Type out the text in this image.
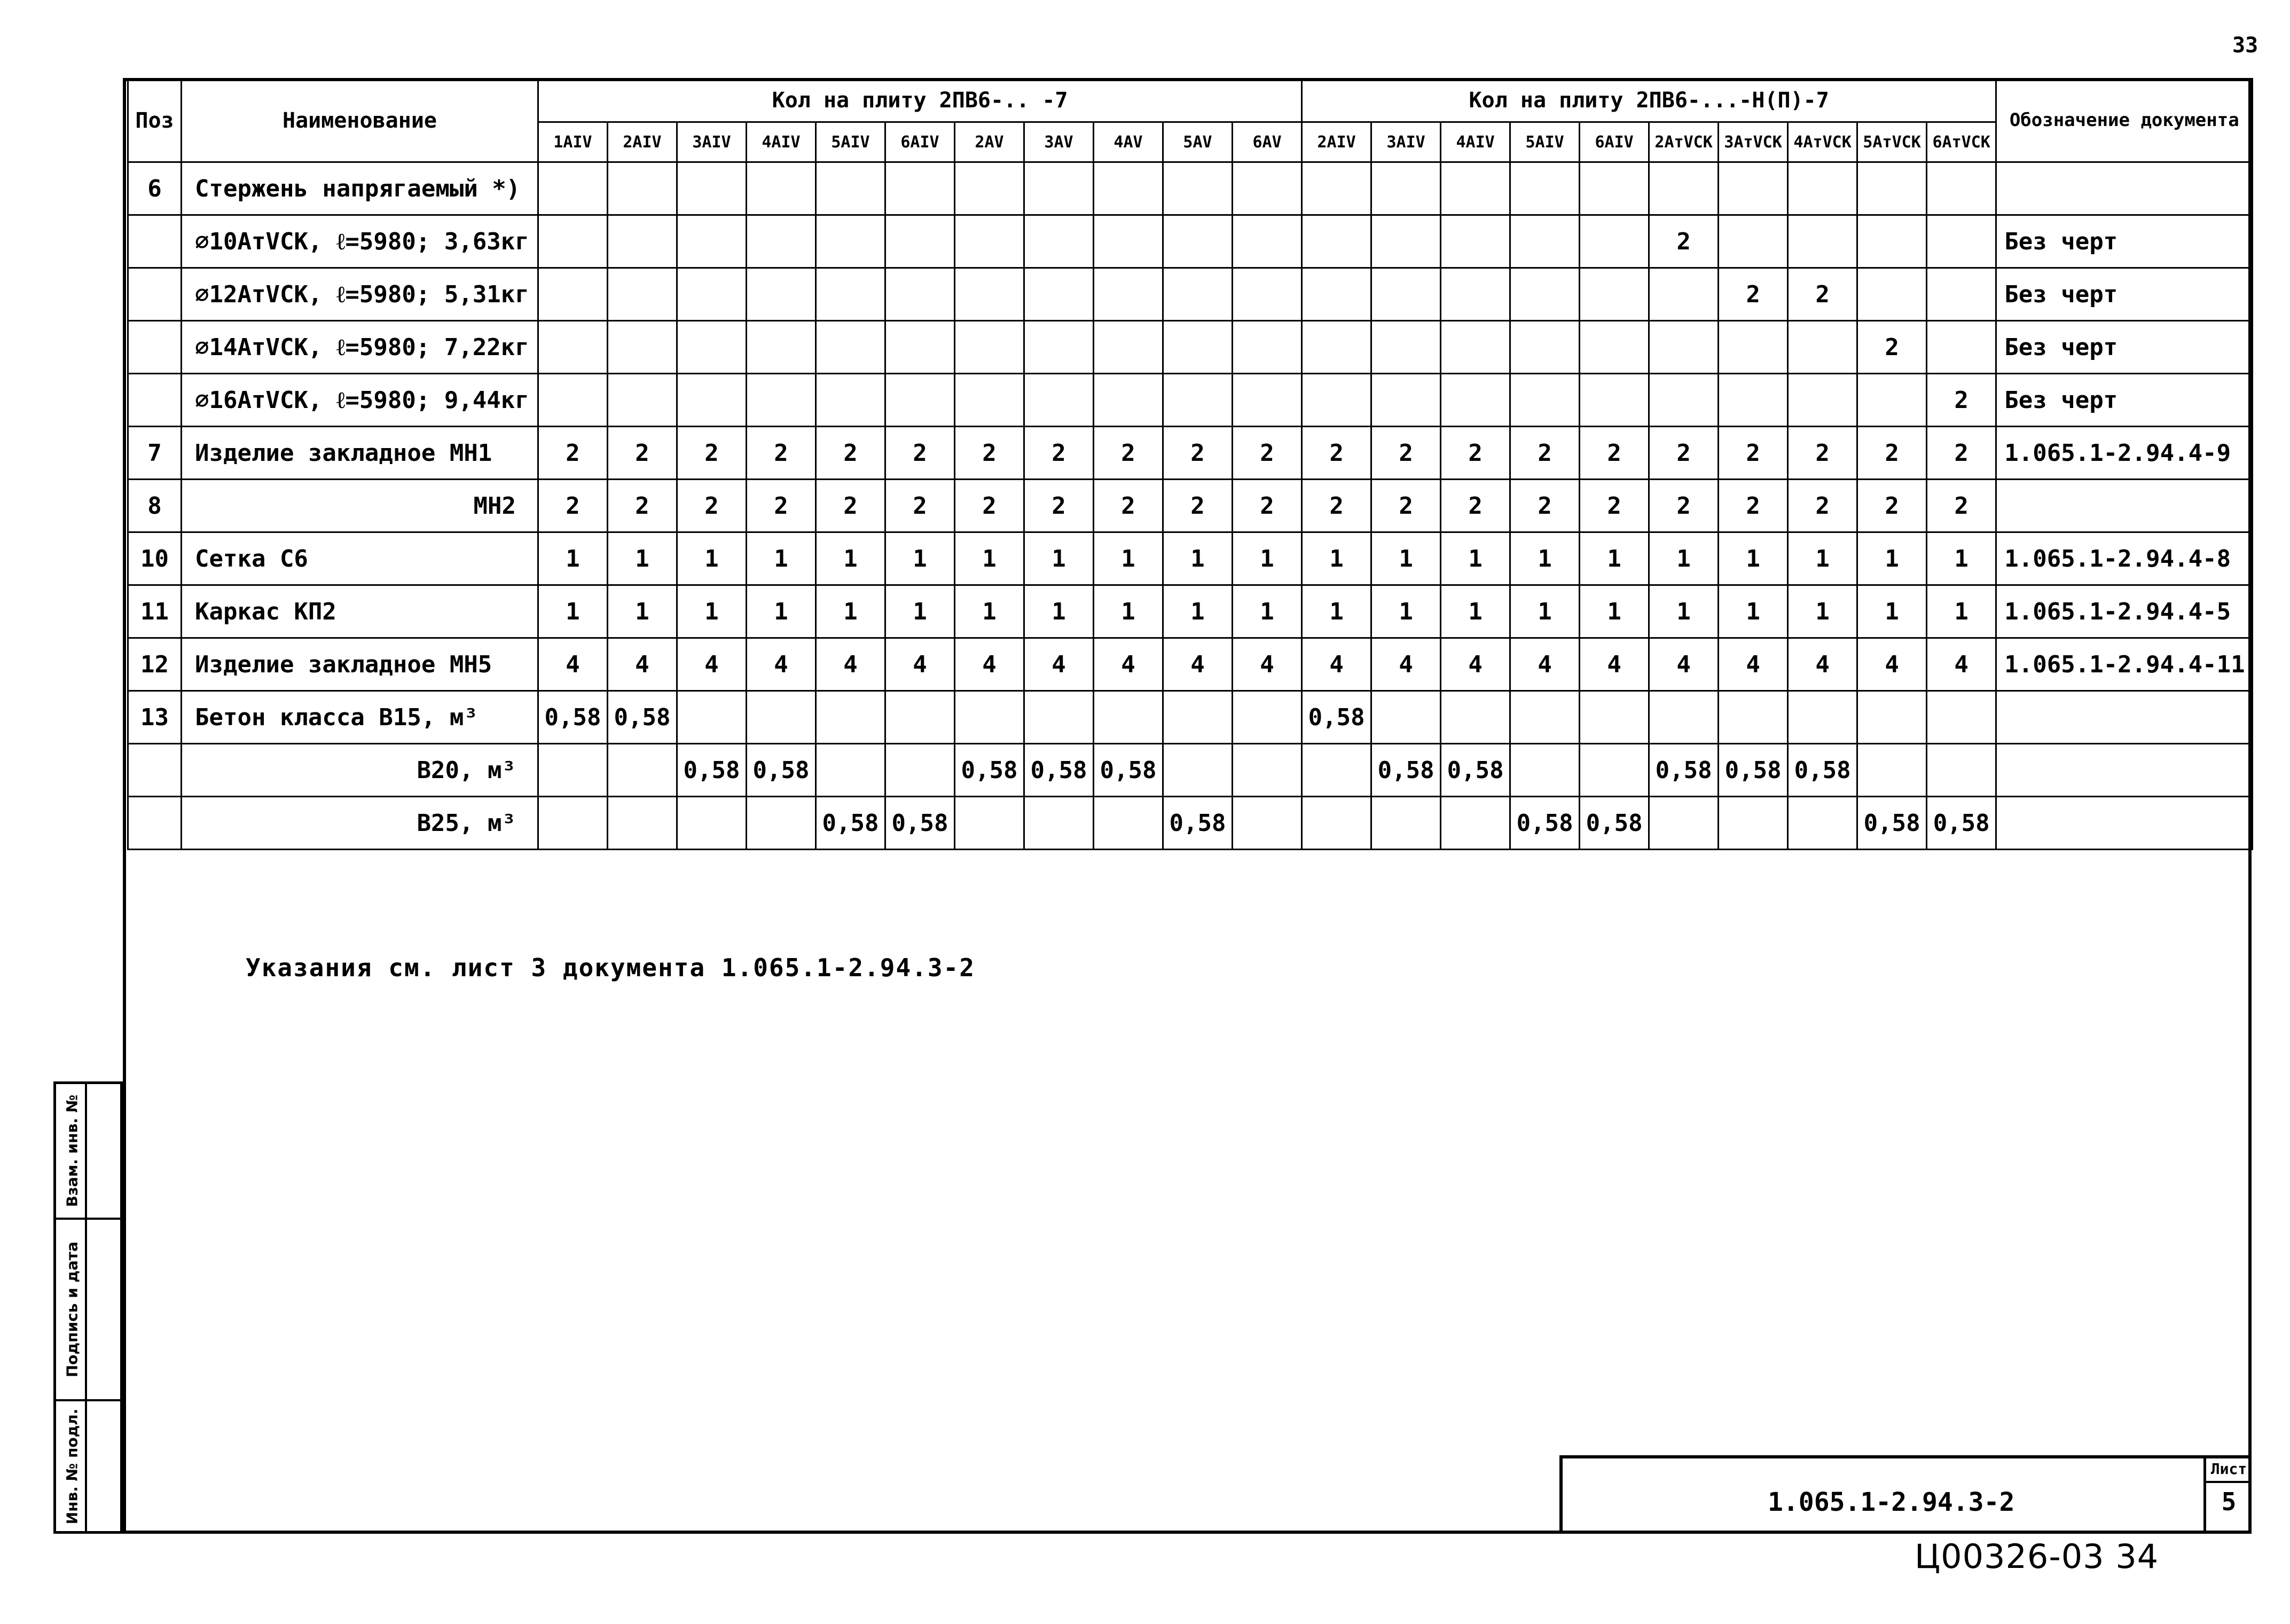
33
Поз	Наименование	Кол на плиту 2ПВ6-.. -7											Кол на плиту 2ПВ6-...-Н(П)-7										Обозначение документа
		1АIV	2АIV	3АIV	4АIV	5АIV	6АIV	2АV	3АV	4АV	5АV	6АV	2АIV	3АIV	4АIV	5АIV	6АIV	2АтVСК	3АтVСК	4АтVСК	5АтVСК	6АтVСК	
6	Стержень напрягаемый *)																						
	⌀10АтVСК, ℓ=5980; 3,63кг																	2					Без черт
	⌀12АтVСК, ℓ=5980; 5,31кг																		2	2			Без черт
	⌀14АтVСК, ℓ=5980; 7,22кг																				2		Без черт
	⌀16АтVСК, ℓ=5980; 9,44кг																					2	Без черт
7	Изделие закладное МН1	2	2	2	2	2	2	2	2	2	2	2	2	2	2	2	2	2	2	2	2	2	1.065.1-2.94.4-9
8	МН2	2	2	2	2	2	2	2	2	2	2	2	2	2	2	2	2	2	2	2	2	2	
10	Сетка С6	1	1	1	1	1	1	1	1	1	1	1	1	1	1	1	1	1	1	1	1	1	1.065.1-2.94.4-8
11	Каркас КП2	1	1	1	1	1	1	1	1	1	1	1	1	1	1	1	1	1	1	1	1	1	1.065.1-2.94.4-5
12	Изделие закладное МН5	4	4	4	4	4	4	4	4	4	4	4	4	4	4	4	4	4	4	4	4	4	1.065.1-2.94.4-11
13	Бетон класса В15, м³	0,58	0,58										0,58										
	В20, м³			0,58	0,58			0,58	0,58	0,58				0,58	0,58			0,58	0,58	0,58			
	В25, м³					0,58	0,58				0,58					0,58	0,58				0,58	0,58	
Указания см. лист 3 документа 1.065.1-2.94.3-2
Взам. инв. №
Подпись и дата
Инв. № подл.	1.065.1-2.94.3-2
Лист
5
Ц00326-03 34
